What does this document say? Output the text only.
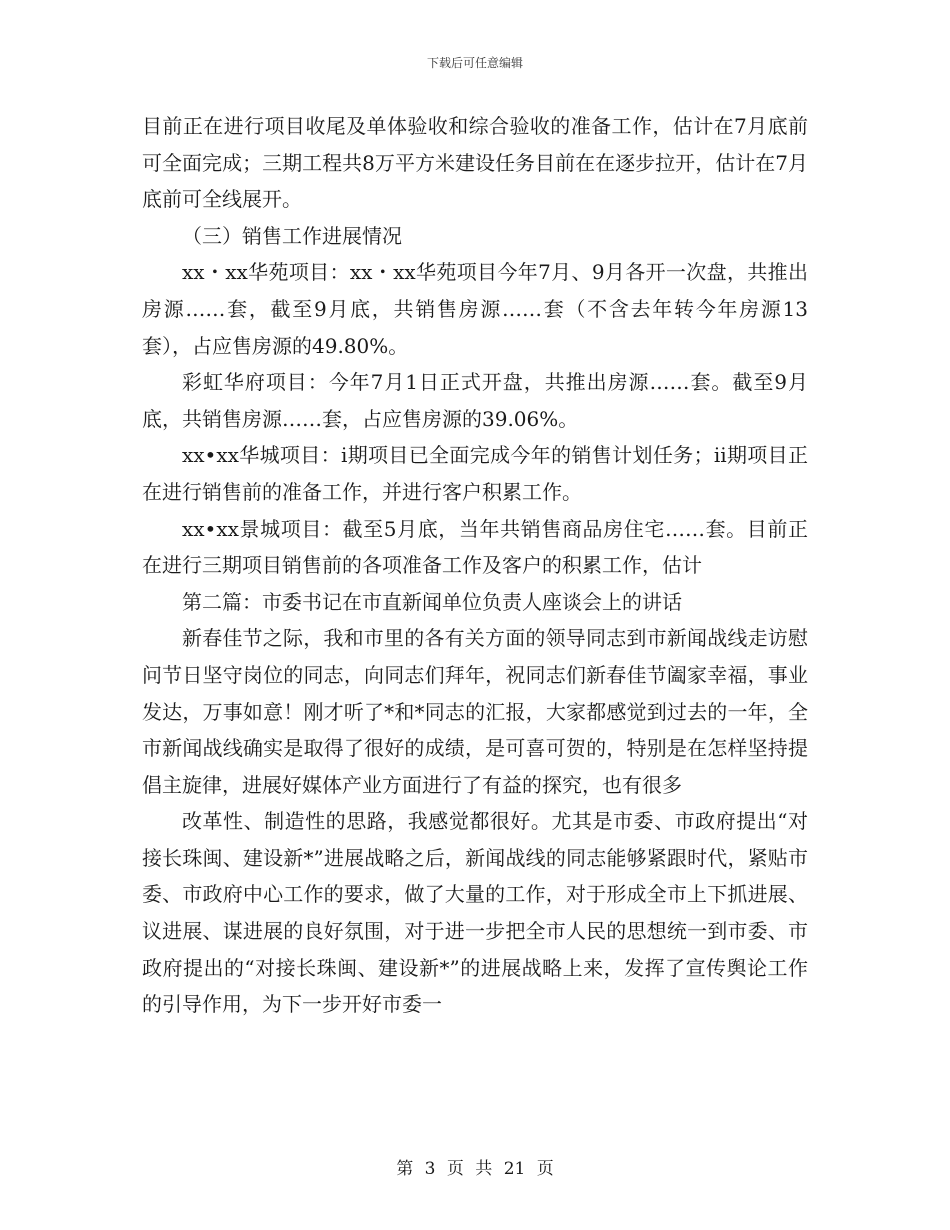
下载后可任意编辑

目前正在进行项目收尾及单体验收和综合验收的准备工作，估计在7月底前可全面完成；三期工程共8万平方米建设任务目前在在逐步拉开，估计在7月底前可全线展开。

（三）销售工作进展情况

xx・xx华苑项目：xx・xx华苑项目今年7月、9月各开一次盘，共推出房源……套，截至9月底，共销售房源……套（不含去年转今年房源13套），占应售房源的49.80%。

彩虹华府项目：今年7月1日正式开盘，共推出房源……套。截至9月底，共销售房源……套，占应售房源的39.06%。

xx•xx华城项目：ⅰ期项目已全面完成今年的销售计划任务；ⅱ期项目正在进行销售前的准备工作，并进行客户积累工作。

xx•xx景城项目：截至5月底，当年共销售商品房住宅……套。目前正在进行三期项目销售前的各项准备工作及客户的积累工作，估计

第二篇：市委书记在市直新闻单位负责人座谈会上的讲话

新春佳节之际，我和市里的各有关方面的领导同志到市新闻战线走访慰问节日坚守岗位的同志，向同志们拜年，祝同志们新春佳节阖家幸福，事业发达，万事如意！刚才听了*和*同志的汇报，大家都感觉到过去的一年，全市新闻战线确实是取得了很好的成绩，是可喜可贺的，特别是在怎样坚持提倡主旋律，进展好媒体产业方面进行了有益的探究，也有很多

改革性、制造性的思路，我感觉都很好。尤其是市委、市政府提出“对接长珠闽、建设新*”进展战略之后，新闻战线的同志能够紧跟时代，紧贴市委、市政府中心工作的要求，做了大量的工作，对于形成全市上下抓进展、议进展、谋进展的良好氛围，对于进一步把全市人民的思想统一到市委、市政府提出的“对接长珠闽、建设新*”的进展战略上来，发挥了宣传舆论工作的引导作用，为下一步开好市委一

第 3 页 共 21 页
